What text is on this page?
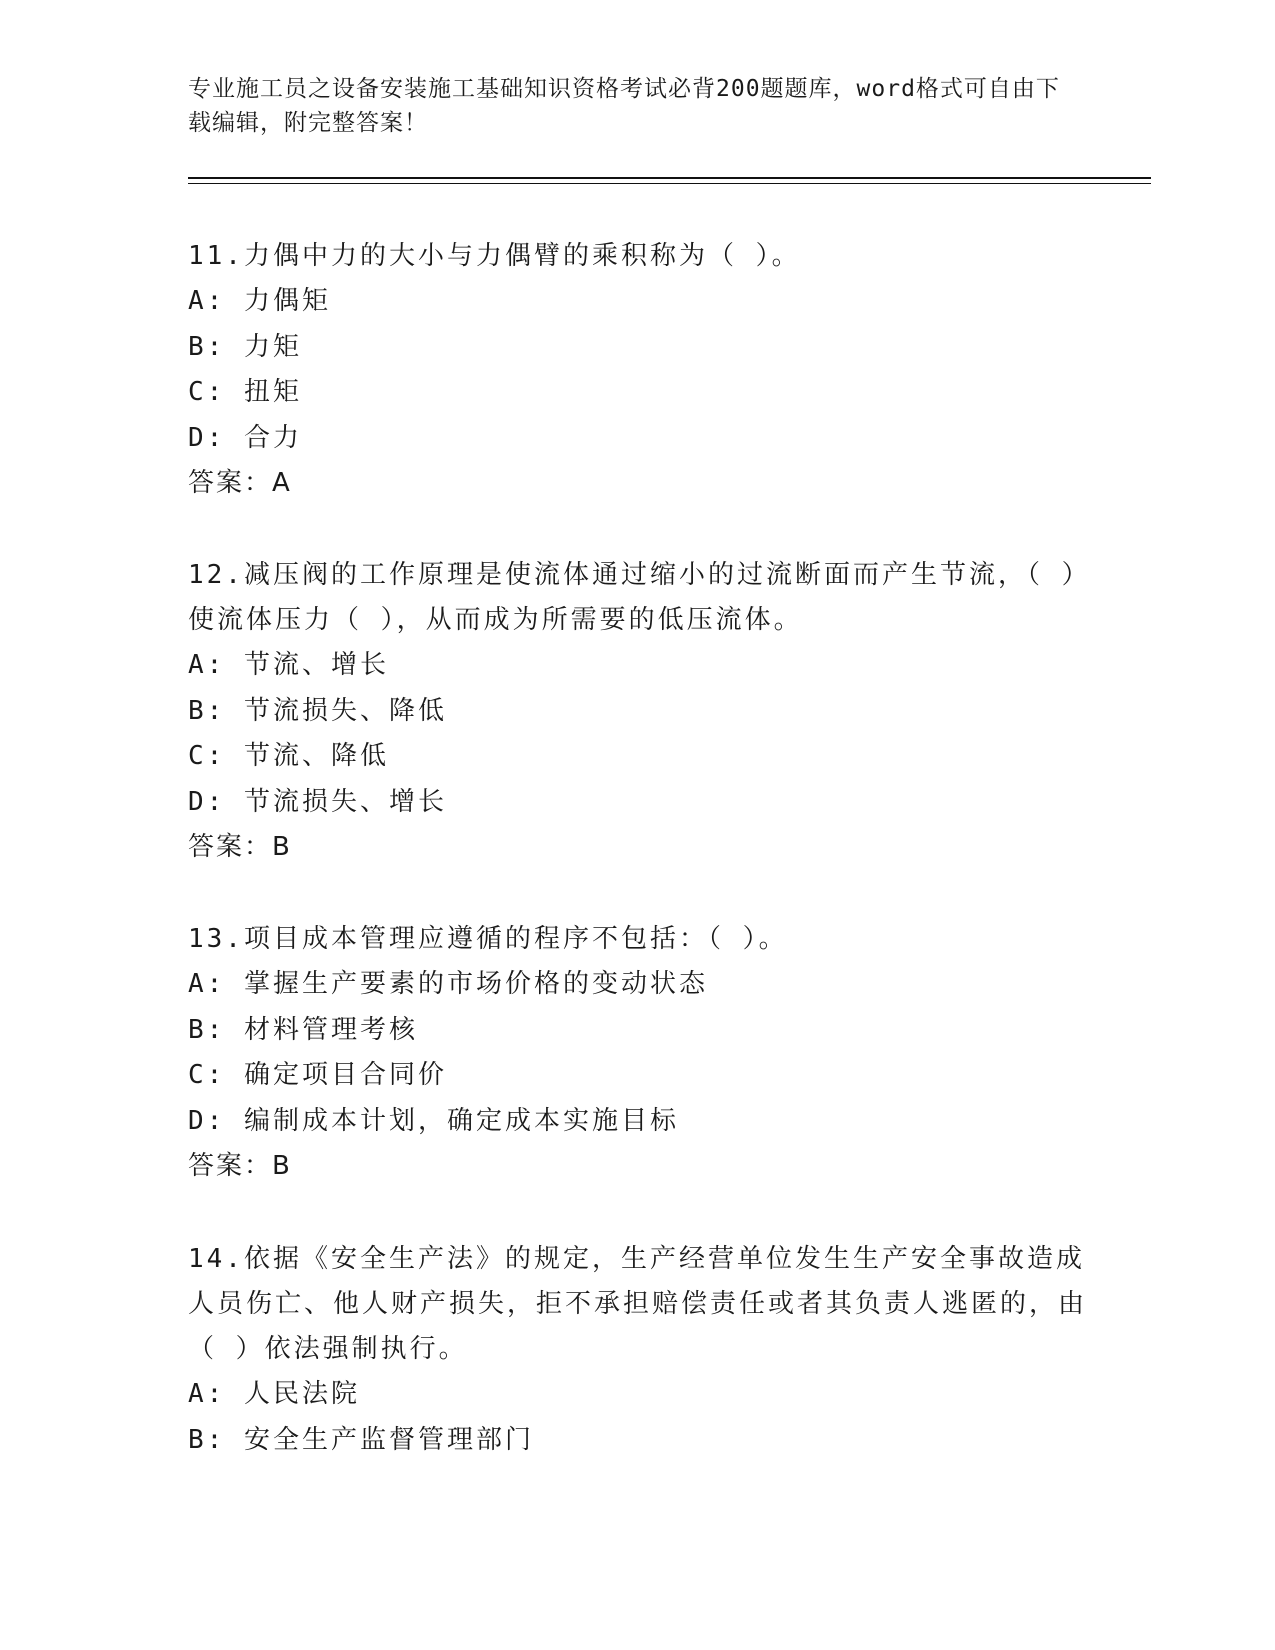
专业施工员之设备安装施工基础知识资格考试必背200题题库，word格式可自由下载编辑，附完整答案！

11.力偶中力的大小与力偶臂的乘积称为（ ）。

A: 力偶矩

B: 力矩

C: 扭矩

D: 合力

答案：A

12.减压阀的工作原理是使流体通过缩小的过流断面而产生节流，（ ）使流体压力（ ），从而成为所需要的低压流体。

A: 节流、增长

B: 节流损失、降低

C: 节流、降低

D: 节流损失、增长

答案：B

13.项目成本管理应遵循的程序不包括：（ ）。

A: 掌握生产要素的市场价格的变动状态

B: 材料管理考核

C: 确定项目合同价

D: 编制成本计划，确定成本实施目标

答案：B

14.依据《安全生产法》的规定，生产经营单位发生生产安全事故造成人员伤亡、他人财产损失，拒不承担赔偿责任或者其负责人逃匿的，由（ ）依法强制执行。

A: 人民法院

B: 安全生产监督管理部门
